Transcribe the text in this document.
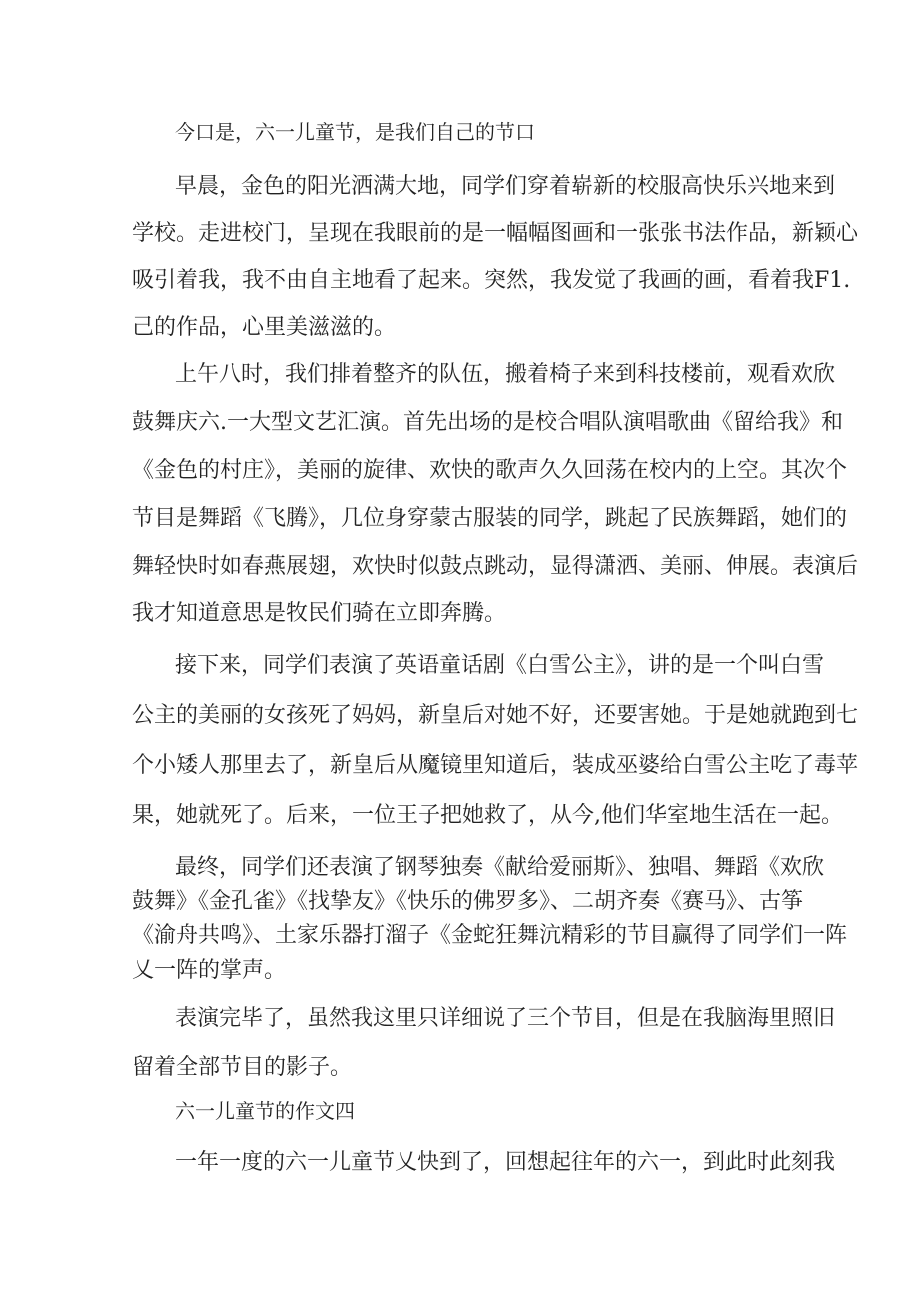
今口是，六一儿童节，是我们自己的节口
早晨，金色的阳光洒满大地，同学们穿着崭新的校服高快乐兴地来到
学校。走进校门，呈现在我眼前的是一幅幅图画和一张张书法作品，新颖心
吸引着我，我不由自主地看了起来。突然，我发觉了我画的画，看着我F1.
己的作品，心里美滋滋的。
上午八时，我们排着整齐的队伍，搬着椅子来到科技楼前，观看欢欣
鼓舞庆六.一大型文艺汇演。首先出场的是校合唱队演唱歌曲《留给我》和
《金色的村庄》，美丽的旋律、欢快的歌声久久回荡在校内的上空。其次个
节目是舞蹈《飞腾》，几位身穿蒙古服装的同学，跳起了民族舞蹈，她们的
舞轻快时如春燕展翅，欢快时似鼓点跳动，显得潇洒、美丽、伸展。表演后
我才知道意思是牧民们骑在立即奔腾。
接下来，同学们表演了英语童话剧《白雪公主》，讲的是一个叫白雪
公主的美丽的女孩死了妈妈，新皇后对她不好，还要害她。于是她就跑到七
个小矮人那里去了，新皇后从魔镜里知道后，装成巫婆给白雪公主吃了毒苹
果，她就死了。后来，一位王子把她救了，从今,他们华室地生活在一起。
最终，同学们还表演了钢琴独奏《献给爱丽斯》、独唱、舞蹈《欢欣
鼓舞》《金孔雀》《找挚友》《快乐的佛罗多》、二胡齐奏《赛马》、古筝
《渝舟共鸣》、土家乐器打溜子《金蛇狂舞沆精彩的节目赢得了同学们一阵
乂一阵的掌声。
表演完毕了，虽然我这里只详细说了三个节目，但是在我脑海里照旧
留着全部节目的影子。
六一儿童节的作文四
一年一度的六一儿童节乂快到了，回想起往年的六一，到此时此刻我
